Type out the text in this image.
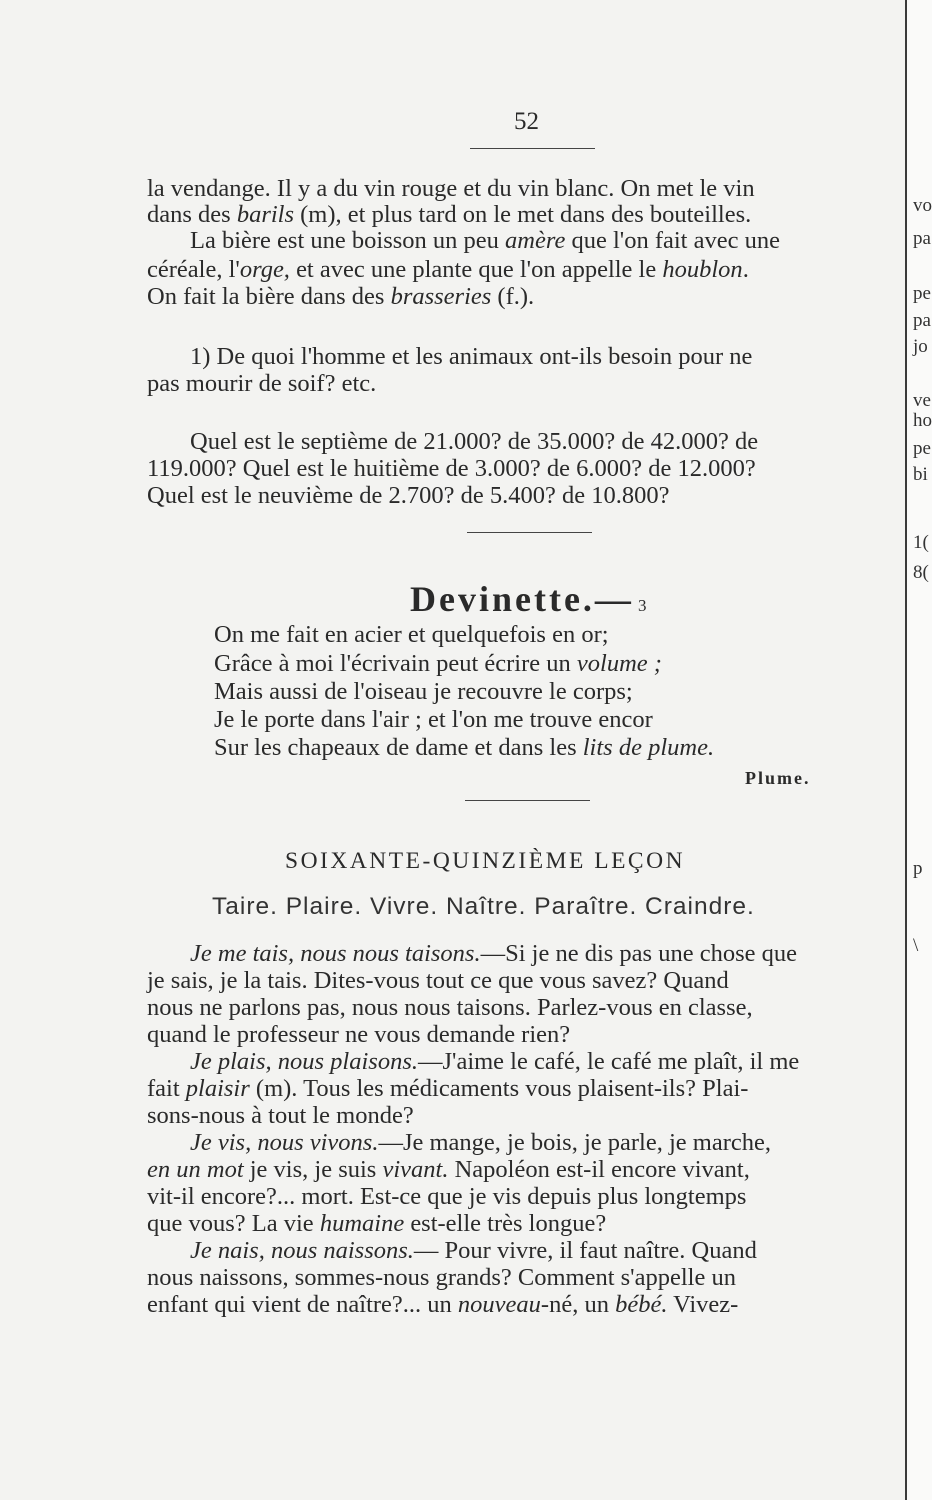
52
la vendange. Il y a du vin rouge et du vin blanc. On met le vin
dans des barils (m), et plus tard on le met dans des bouteilles.
La bière est une boisson un peu amère que l'on fait avec une
céréale, l'orge, et avec une plante que l'on appelle le houblon.
On fait la bière dans des brasseries (f.).
1) De quoi l'homme et les animaux ont-ils besoin pour ne
pas mourir de soif? etc.
Quel est le septième de 21.000? de 35.000? de 42.000? de
119.000? Quel est le huitième de 3.000? de 6.000? de 12.000?
Quel est le neuvième de 2.700? de 5.400? de 10.800?
Devinette.— 3
On me fait en acier et quelquefois en or;
Grâce à moi l'écrivain peut écrire un volume ;
Mais aussi de l'oiseau je recouvre le corps;
Je le porte dans l'air ; et l'on me trouve encor
Sur les chapeaux de dame et dans les lits de plume.
Plume.
SOIXANTE-QUINZIÈME LEÇON
Taire. Plaire. Vivre. Naître. Paraître. Craindre.
Je me tais, nous nous taisons.—Si je ne dis pas une chose que
je sais, je la tais. Dites-vous tout ce que vous savez? Quand
nous ne parlons pas, nous nous taisons. Parlez-vous en classe,
quand le professeur ne vous demande rien?
Je plais, nous plaisons.—J'aime le café, le café me plaît, il me
fait plaisir (m). Tous les médicaments vous plaisent-ils? Plai-
sons-nous à tout le monde?
Je vis, nous vivons.—Je mange, je bois, je parle, je marche,
en un mot je vis, je suis vivant. Napoléon est-il encore vivant,
vit-il encore?... mort. Est-ce que je vis depuis plus longtemps
que vous? La vie humaine est-elle très longue?
Je nais, nous naissons.— Pour vivre, il faut naître. Quand
nous naissons, sommes-nous grands? Comment s'appelle un
enfant qui vient de naître?... un nouveau-né, un bébé. Vivez-
vo
pa
pe
pa
jo
ve
ho
pe
bi
1(
8(
p
\
